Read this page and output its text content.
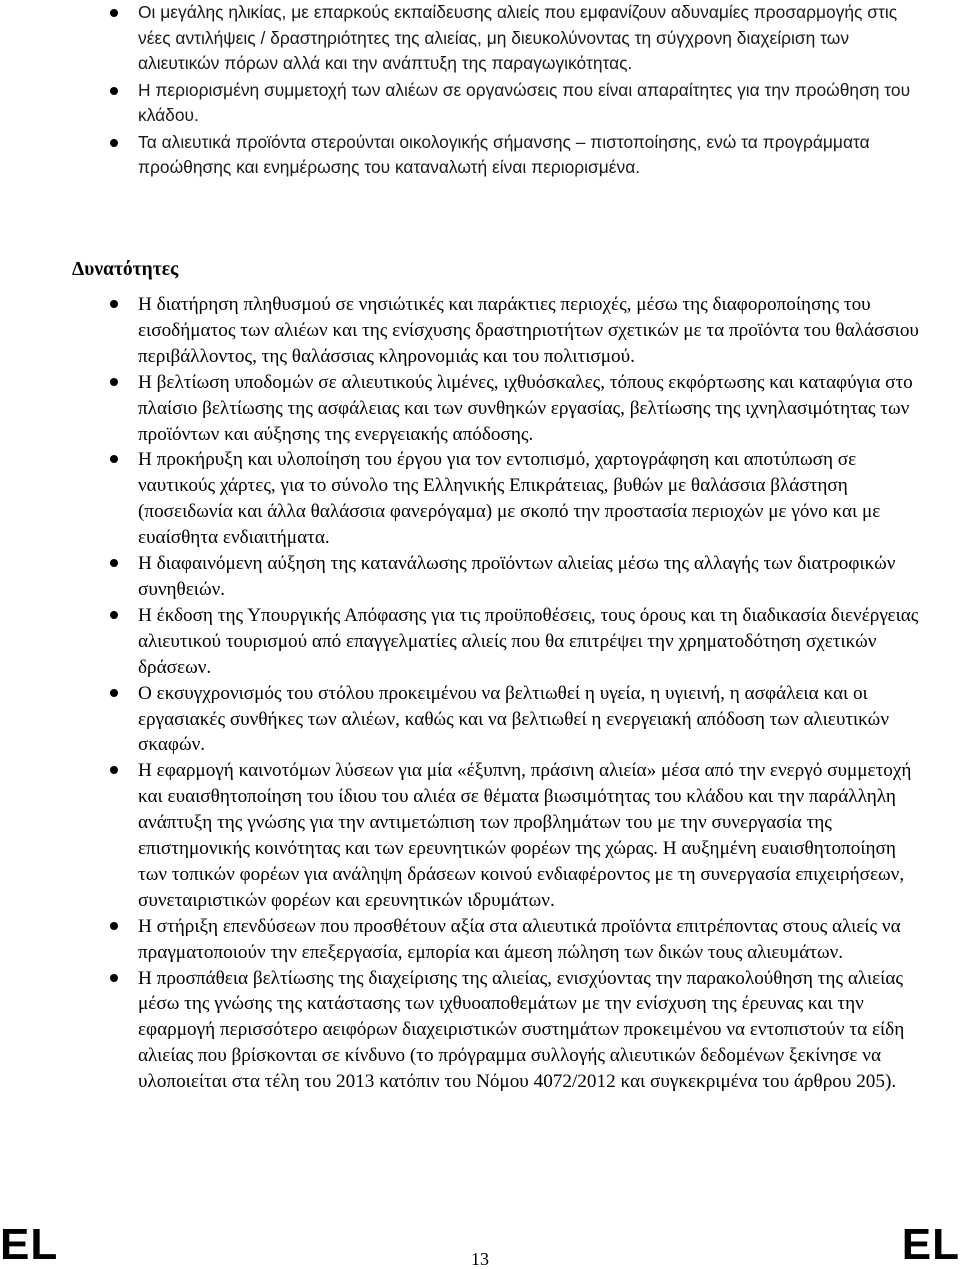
Οι μεγάλης ηλικίας, με επαρκούς εκπαίδευσης αλιείς που εμφανίζουν αδυναμίες προσαρμογής στις νέες αντιλήψεις / δραστηριότητες της αλιείας, μη διευκολύνοντας τη σύγχρονη διαχείριση των αλιευτικών πόρων αλλά και την ανάπτυξη της παραγωγικότητας.
Η περιορισμένη συμμετοχή των αλιέων σε οργανώσεις που είναι απαραίτητες για την προώθηση του κλάδου.
Τα αλιευτικά προϊόντα στερούνται οικολογικής σήμανσης – πιστοποίησης, ενώ τα προγράμματα προώθησης και ενημέρωσης του καταναλωτή είναι περιορισμένα.
Δυνατότητες
Η διατήρηση πληθυσμού σε νησιώτικές και παράκτιες περιοχές, μέσω της διαφοροποίησης του εισοδήματος των αλιέων και της ενίσχυσης δραστηριοτήτων σχετικών με τα προϊόντα του θαλάσσιου περιβάλλοντος, της θαλάσσιας κληρονομιάς και του πολιτισμού.
Η βελτίωση υποδομών σε αλιευτικούς λιμένες, ιχθυόσκαλες, τόπους εκφόρτωσης και καταφύγια στο πλαίσιο βελτίωσης της ασφάλειας και των συνθηκών εργασίας, βελτίωσης της ιχνηλασιμότητας των προϊόντων και αύξησης της ενεργειακής απόδοσης.
Η προκήρυξη και υλοποίηση του έργου για τον εντοπισμό, χαρτογράφηση και αποτύπωση σε ναυτικούς χάρτες, για το σύνολο της Ελληνικής Επικράτειας, βυθών με θαλάσσια βλάστηση (ποσειδωνία και άλλα θαλάσσια φανερόγαμα) με σκοπό την προστασία περιοχών με γόνο και με ευαίσθητα ενδιαιτήματα.
Η διαφαινόμενη αύξηση της κατανάλωσης προϊόντων αλιείας μέσω της αλλαγής των διατροφικών συνηθειών.
Η έκδοση της Υπουργικής Απόφασης για τις προϋποθέσεις, τους όρους και τη διαδικασία διενέργειας αλιευτικού τουρισμού από επαγγελματίες αλιείς που θα επιτρέψει την χρηματοδότηση σχετικών δράσεων.
Ο εκσυγχρονισμός του στόλου προκειμένου να βελτιωθεί η υγεία, η υγιεινή, η ασφάλεια και οι εργασιακές συνθήκες των αλιέων, καθώς και να βελτιωθεί η ενεργειακή απόδοση των αλιευτικών σκαφών.
Η εφαρμογή καινοτόμων λύσεων για μία «έξυπνη, πράσινη αλιεία» μέσα από την ενεργό συμμετοχή και ευαισθητοποίηση του ίδιου του αλιέα σε θέματα βιωσιμότητας του κλάδου και την παράλληλη ανάπτυξη της γνώσης για την αντιμετώπιση των προβλημάτων του με την συνεργασία της επιστημονικής κοινότητας και των ερευνητικών φορέων της χώρας. Η αυξημένη ευαισθητοποίηση των τοπικών φορέων για ανάληψη δράσεων κοινού ενδιαφέροντος με τη συνεργασία επιχειρήσεων, συνεταιριστικών φορέων και ερευνητικών ιδρυμάτων.
Η στήριξη επενδύσεων που προσθέτουν αξία στα αλιευτικά προϊόντα επιτρέποντας στους αλιείς να πραγματοποιούν την επεξεργασία, εμπορία και άμεση πώληση των δικών τους αλιευμάτων.
Η προσπάθεια βελτίωσης της διαχείρισης της αλιείας, ενισχύοντας την παρακολούθηση της αλιείας μέσω της γνώσης της κατάστασης των ιχθυοαποθεμάτων με την ενίσχυση της έρευνας και την εφαρμογή περισσότερο αειφόρων διαχειριστικών συστημάτων προκειμένου να εντοπιστούν τα είδη αλιείας που βρίσκονται σε κίνδυνο (το πρόγραμμα συλλογής αλιευτικών δεδομένων ξεκίνησε να υλοποιείται στα τέλη του 2013 κατόπιν του Νόμου 4072/2012 και συγκεκριμένα του άρθρου 205).
EL	13	EL
